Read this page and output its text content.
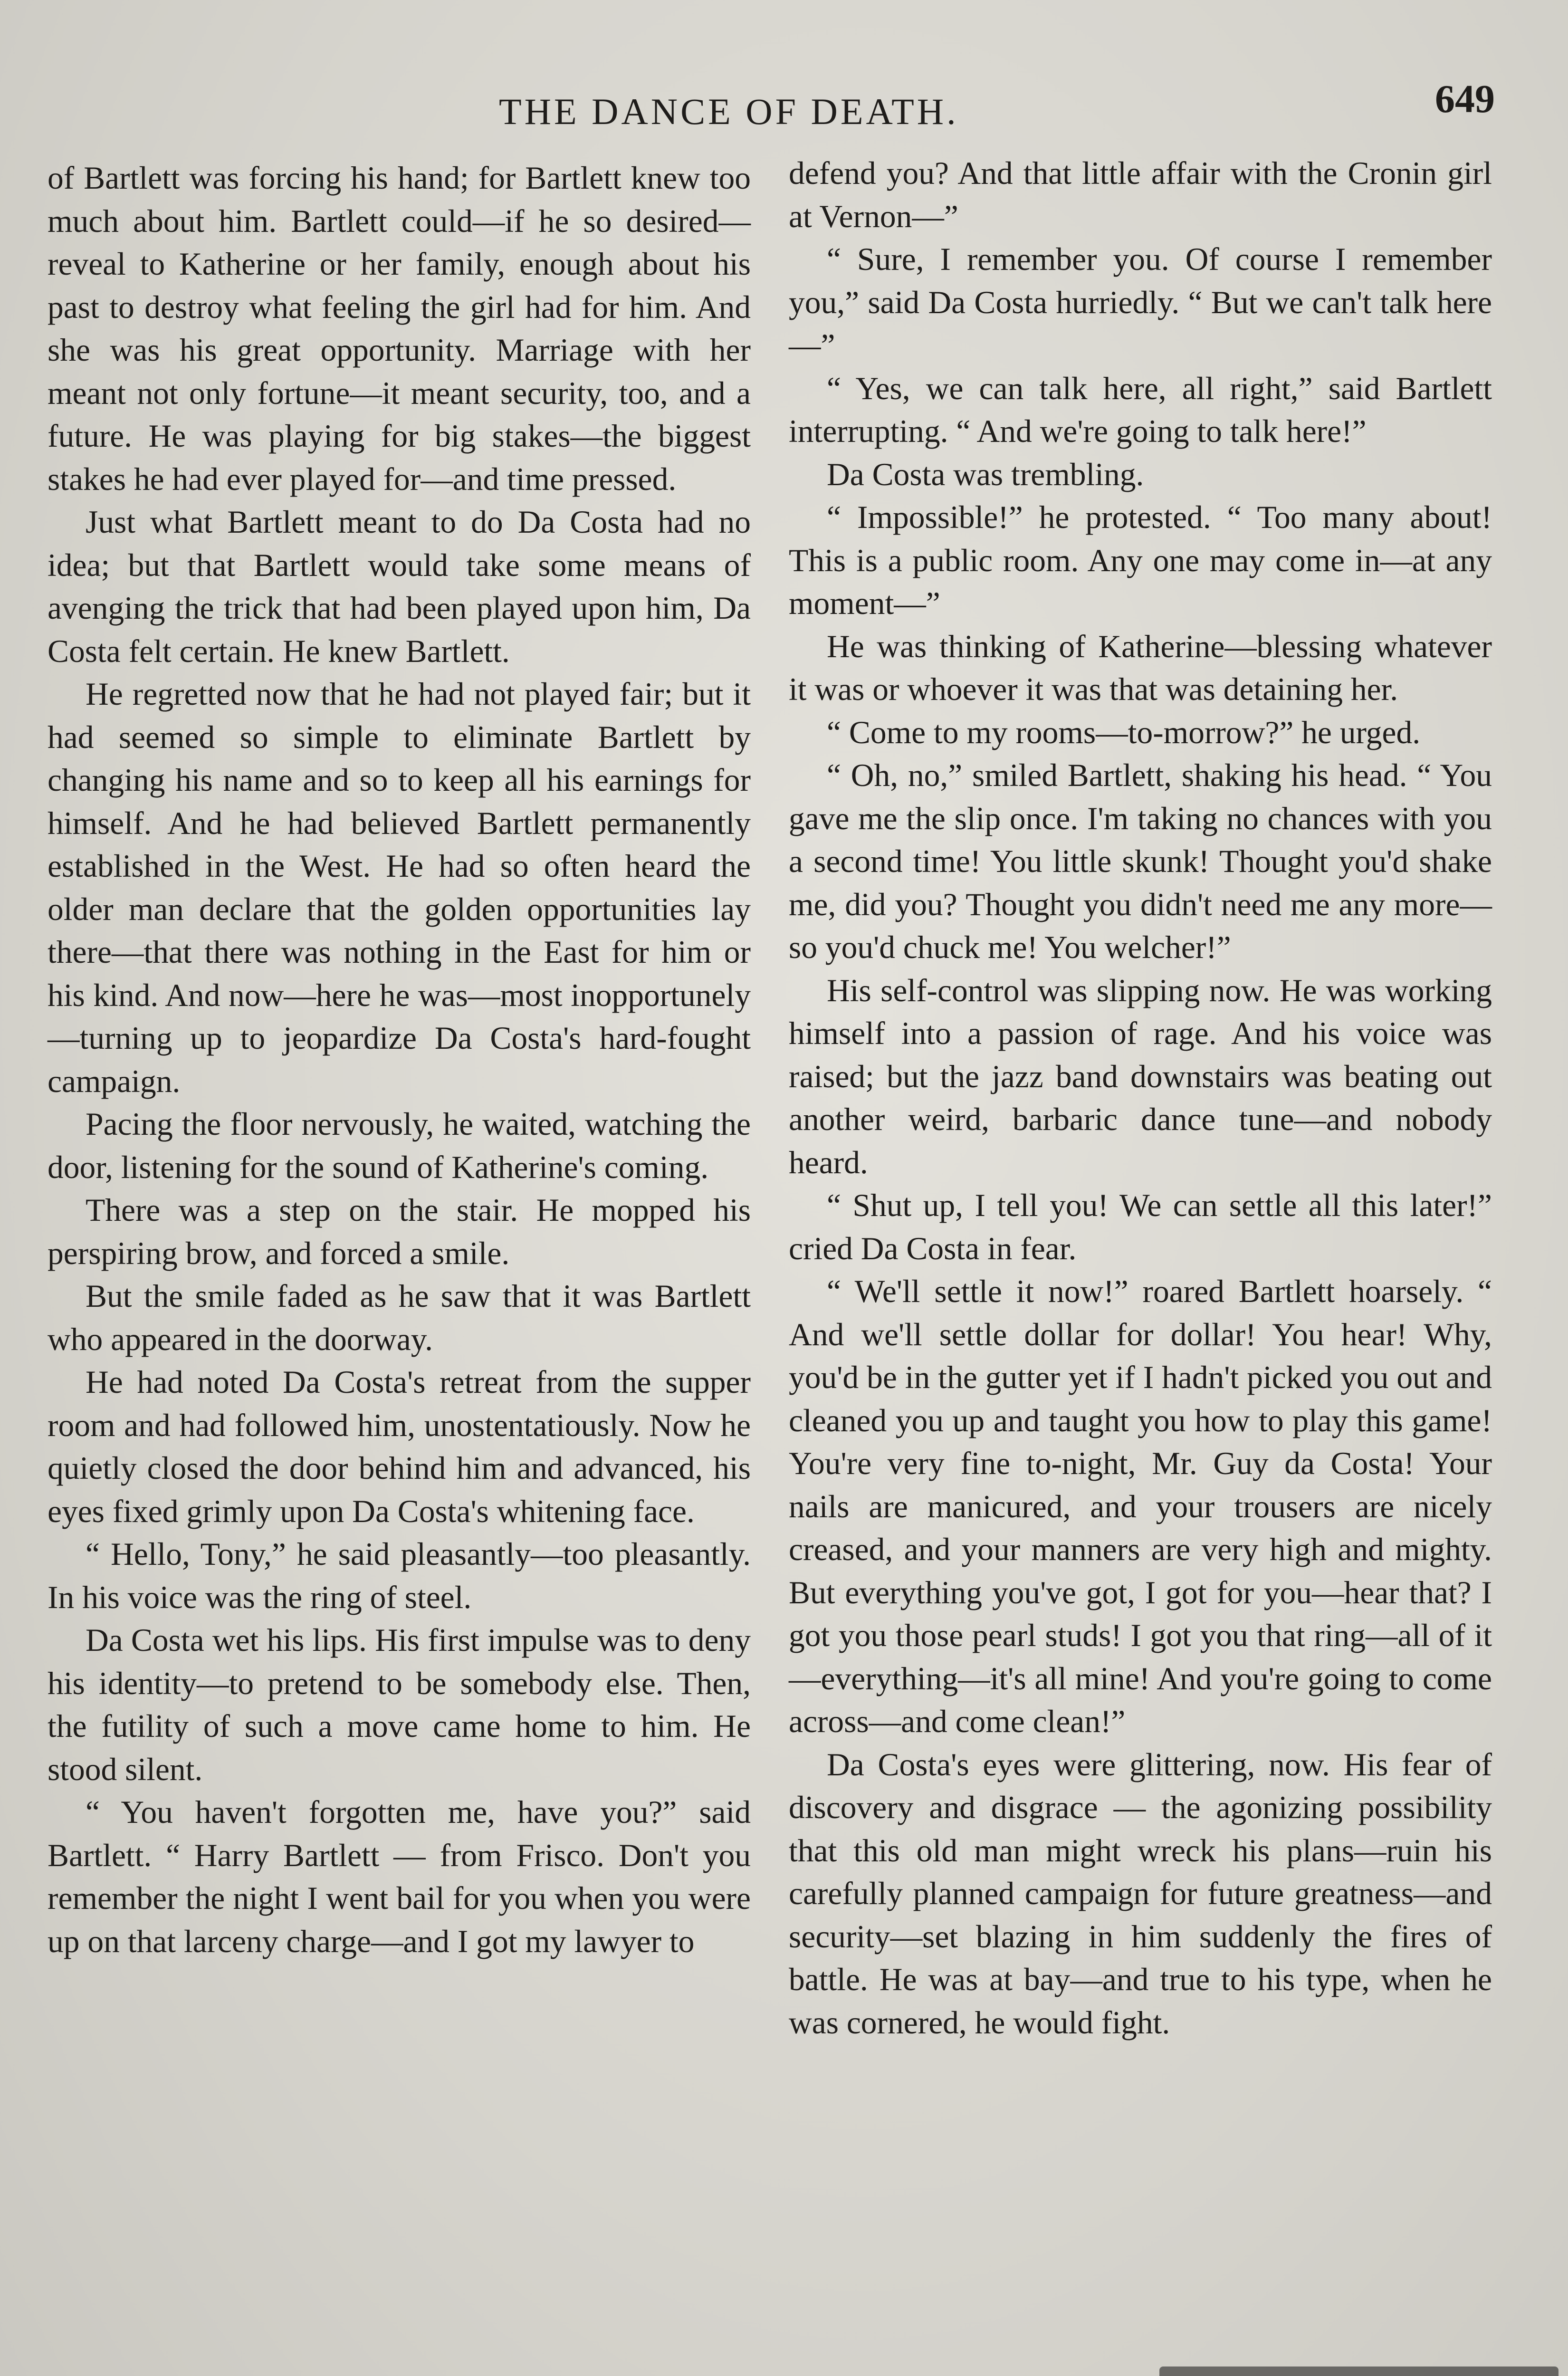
THE DANCE OF DEATH.	649

of Bartlett was forcing his hand; for Bartlett knew too much about him. Bartlett could—if he so desired—reveal to Katherine or her family, enough about his past to destroy what feeling the girl had for him. And she was his great opportunity. Marriage with her meant not only fortune—it meant security, too, and a future. He was playing for big stakes—the biggest stakes he had ever played for—and time pressed.

Just what Bartlett meant to do Da Costa had no idea; but that Bartlett would take some means of avenging the trick that had been played upon him, Da Costa felt certain. He knew Bartlett.

He regretted now that he had not played fair; but it had seemed so simple to eliminate Bartlett by changing his name and so to keep all his earnings for himself. And he had believed Bartlett permanently established in the West. He had so often heard the older man declare that the golden opportunities lay there—that there was nothing in the East for him or his kind. And now—here he was—most inopportunely—turning up to jeopardize Da Costa's hard-fought campaign.

Pacing the floor nervously, he waited, watching the door, listening for the sound of Katherine's coming.

There was a step on the stair. He mopped his perspiring brow, and forced a smile.

But the smile faded as he saw that it was Bartlett who appeared in the doorway.

He had noted Da Costa's retreat from the supper room and had followed him, unostentatiously. Now he quietly closed the door behind him and advanced, his eyes fixed grimly upon Da Costa's whitening face.

“ Hello, Tony,” he said pleasantly—too pleasantly. In his voice was the ring of steel.

Da Costa wet his lips. His first impulse was to deny his identity—to pretend to be somebody else. Then, the futility of such a move came home to him. He stood silent.

“ You haven't forgotten me, have you?” said Bartlett. “ Harry Bartlett — from Frisco. Don't you remember the night I went bail for you when you were up on that larceny charge—and I got my lawyer to

defend you? And that little affair with the Cronin girl at Vernon—”

“ Sure, I remember you. Of course I remember you,” said Da Costa hurriedly. “ But we can't talk here—”

“ Yes, we can talk here, all right,” said Bartlett interrupting. “ And we're going to talk here!”

Da Costa was trembling.

“ Impossible!” he protested. “ Too many about! This is a public room. Any one may come in—at any moment—”

He was thinking of Katherine—blessing whatever it was or whoever it was that was detaining her.

“ Come to my rooms—to-morrow?” he urged.

“ Oh, no,” smiled Bartlett, shaking his head. “ You gave me the slip once. I'm taking no chances with you a second time! You little skunk! Thought you'd shake me, did you? Thought you didn't need me any more—so you'd chuck me! You welcher!”

His self-control was slipping now. He was working himself into a passion of rage. And his voice was raised; but the jazz band downstairs was beating out another weird, barbaric dance tune—and nobody heard.

“ Shut up, I tell you! We can settle all this later!” cried Da Costa in fear.

“ We'll settle it now!” roared Bartlett hoarsely. “ And we'll settle dollar for dollar! You hear! Why, you'd be in the gutter yet if I hadn't picked you out and cleaned you up and taught you how to play this game! You're very fine to-night, Mr. Guy da Costa! Your nails are manicured, and your trousers are nicely creased, and your manners are very high and mighty. But everything you've got, I got for you—hear that? I got you those pearl studs! I got you that ring—all of it—everything—it's all mine! And you're going to come across—and come clean!”

Da Costa's eyes were glittering, now. His fear of discovery and disgrace — the agonizing possibility that this old man might wreck his plans—ruin his carefully planned campaign for future greatness—and security—set blazing in him suddenly the fires of battle. He was at bay—and true to his type, when he was cornered, he would fight.
